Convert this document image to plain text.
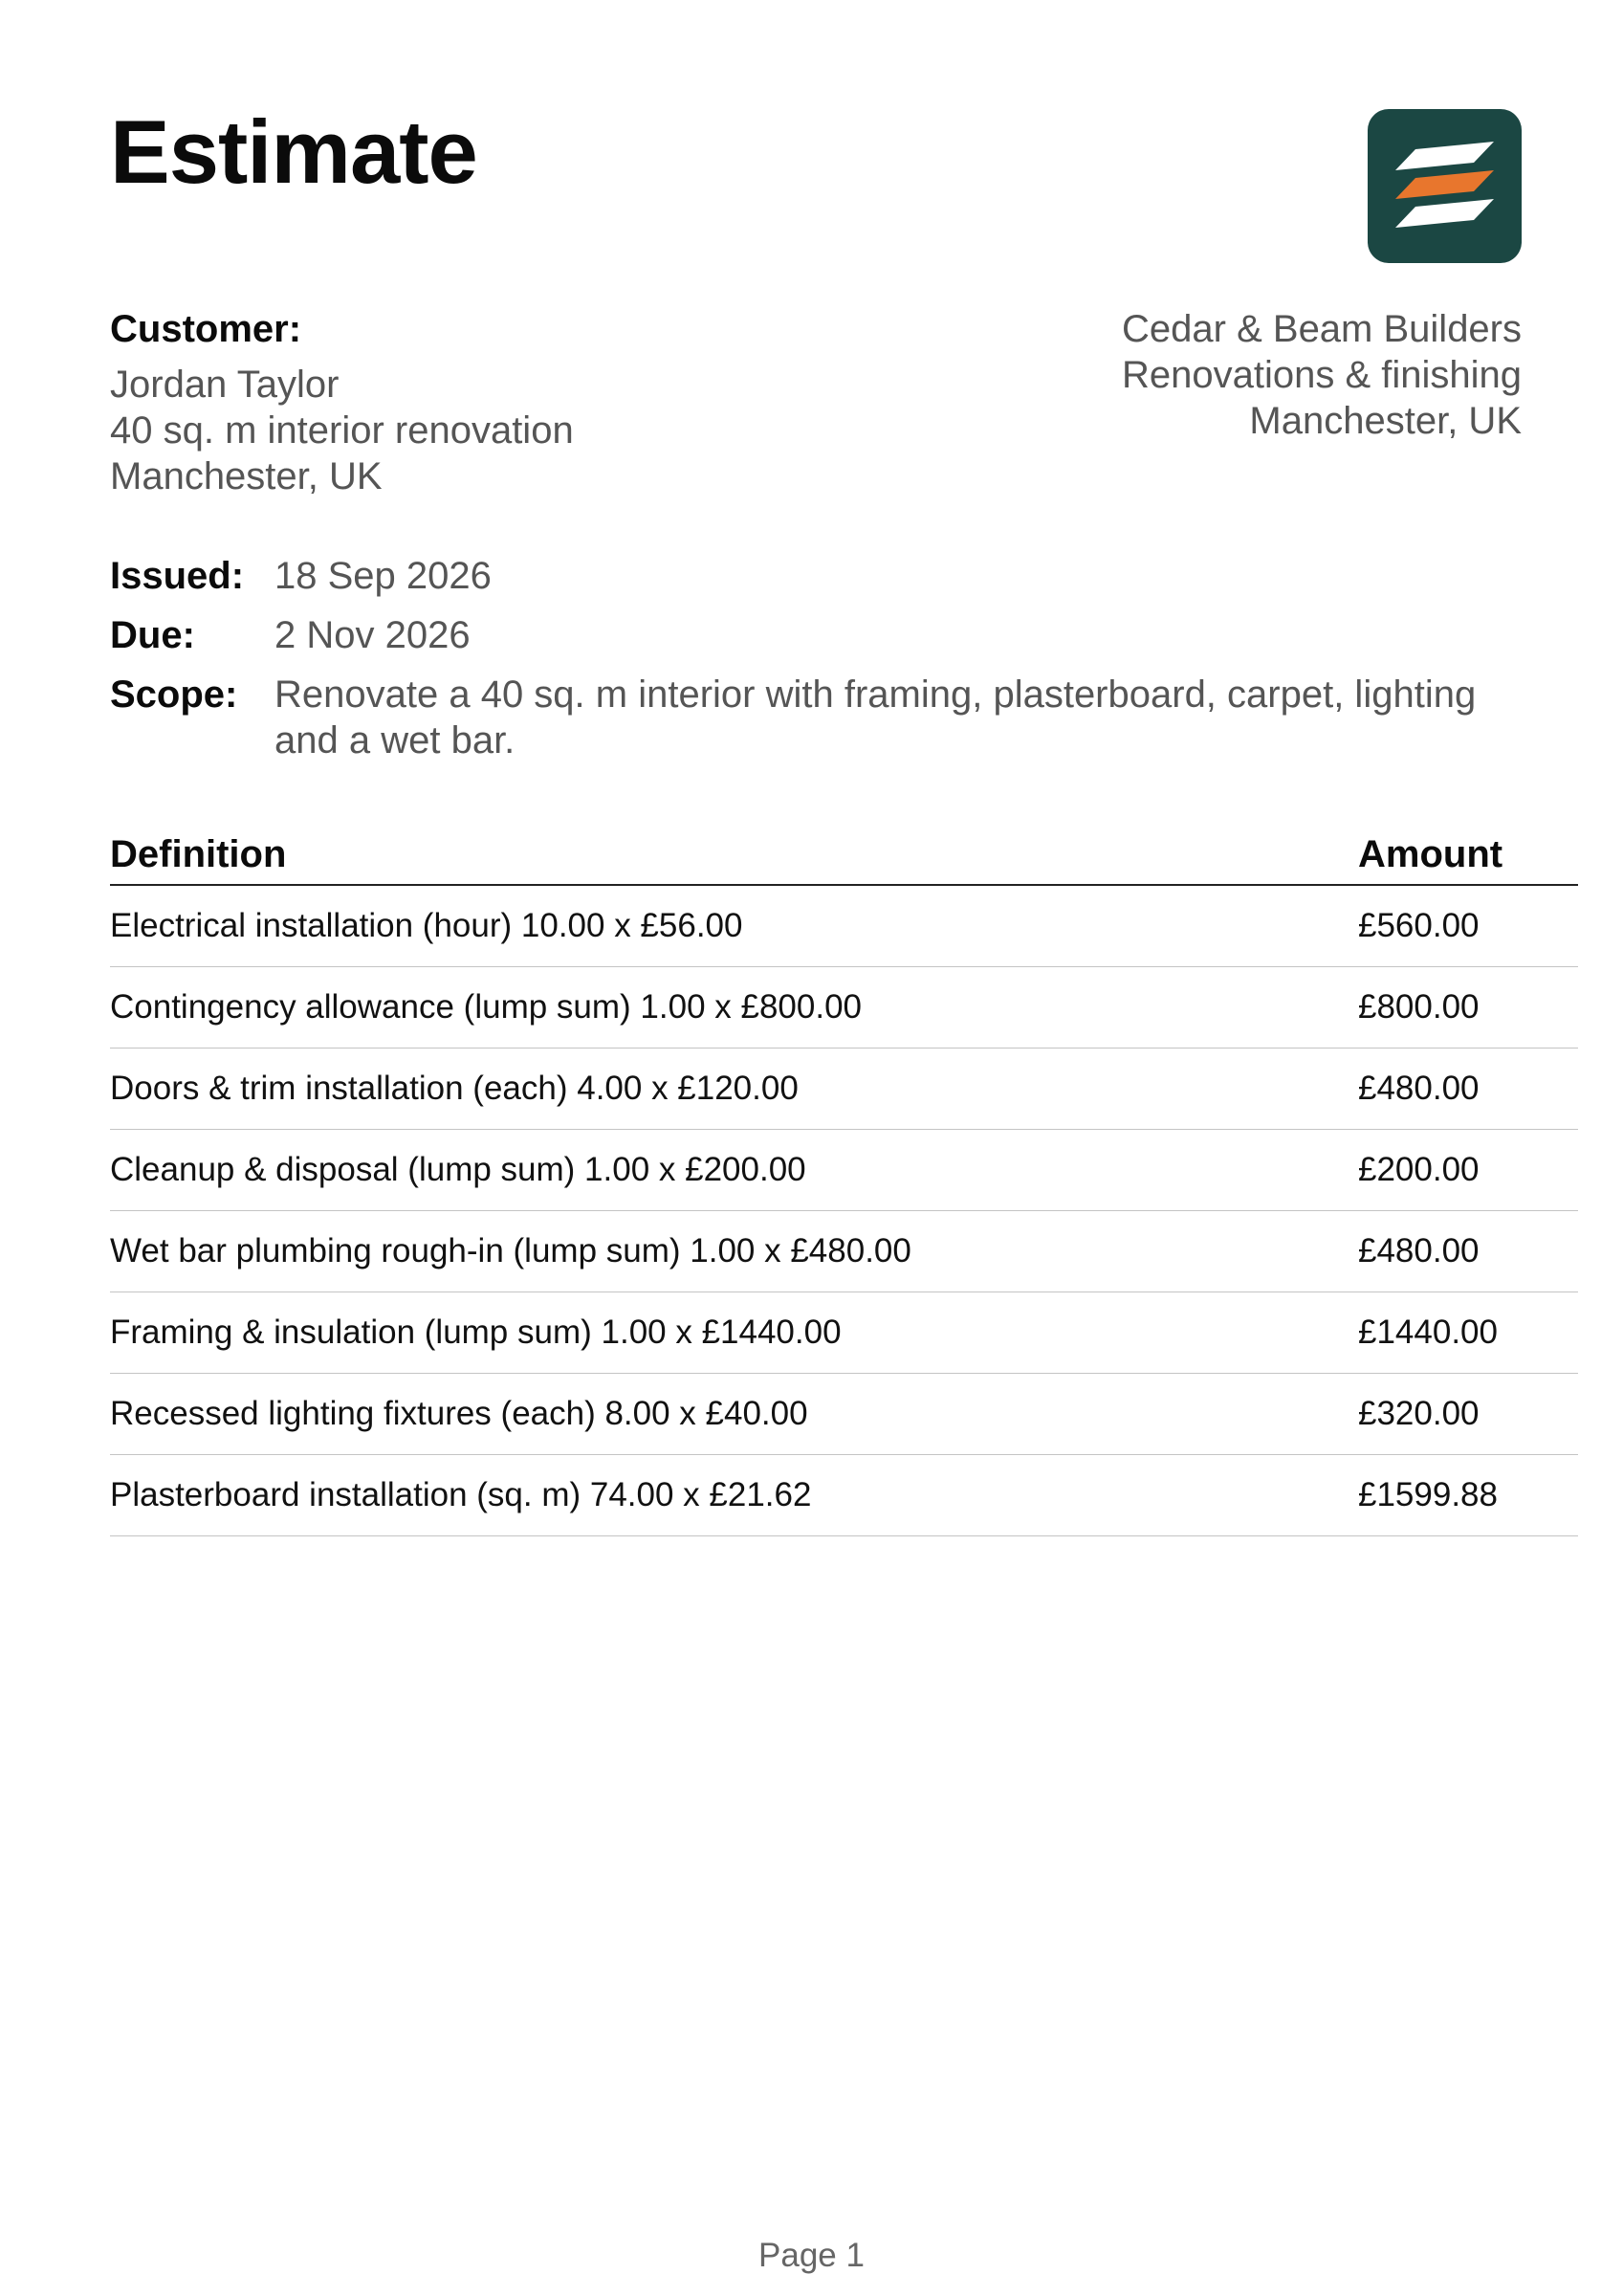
Estimate
Customer:
Jordan Taylor
40 sq. m interior renovation
Manchester, UK
Cedar & Beam Builders
Renovations & finishing
Manchester, UK
Issued: 18 Sep 2026
Due:	2 Nov 2026
Scope: Renovate a 40 sq. m interior with framing, plasterboard, carpet, lighting and a wet bar.
Definition	Amount
Electrical installation (hour) 10.00 x £56.00	£560.00
Contingency allowance (lump sum) 1.00 x £800.00	£800.00
Doors & trim installation (each) 4.00 x £120.00	£480.00
Cleanup & disposal (lump sum) 1.00 x £200.00	£200.00
Wet bar plumbing rough-in (lump sum) 1.00 x £480.00	£480.00
Framing & insulation (lump sum) 1.00 x £1440.00	£1440.00
Recessed lighting fixtures (each) 8.00 x £40.00	£320.00
Plasterboard installation (sq. m) 74.00 x £21.62	£1599.88
Page 1
